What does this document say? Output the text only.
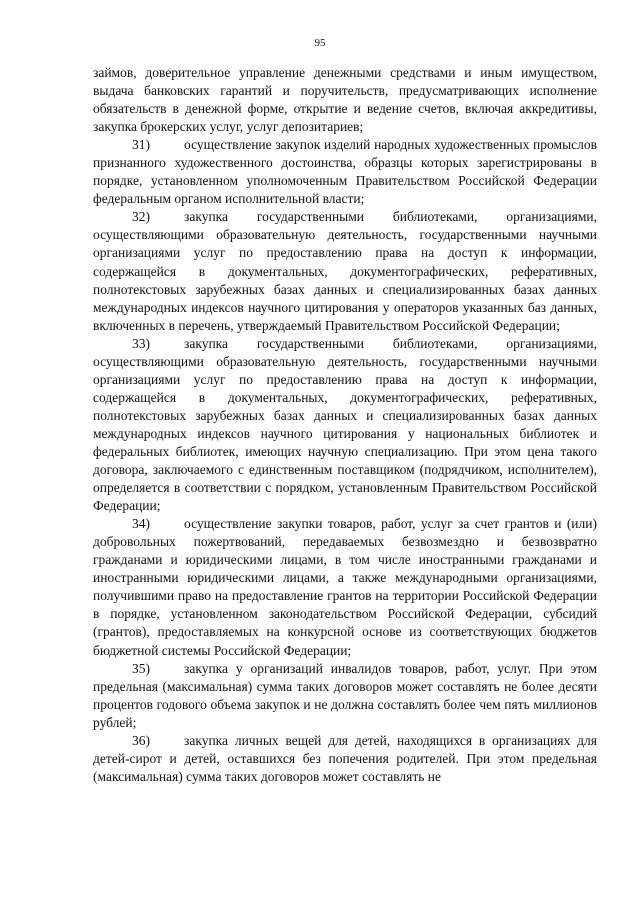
95

займов, доверительное управление денежными средствами и иным имуществом, выдача банковских гарантий и поручительств, предусматривающих исполнение обязательств в денежной форме, открытие и ведение счетов, включая аккредитивы, закупка брокерских услуг, услуг депозитариев;

31)	осуществление закупок изделий народных художественных промыслов признанного художественного достоинства, образцы которых зарегистрированы в порядке, установленном уполномоченным Правительством Российской Федерации федеральным органом исполнительной власти;

32)	закупка государственными библиотеками, организациями, осуществляющими образовательную деятельность, государственными научными организациями услуг по предоставлению права на доступ к информации, содержащейся в документальных, документографических, реферативных, полнотекстовых зарубежных базах данных и специализированных базах данных международных индексов научного цитирования у операторов указанных баз данных, включенных в перечень, утверждаемый Правительством Российской Федерации;

33)	закупка государственными библиотеками, организациями, осуществляющими образовательную деятельность, государственными научными организациями услуг по предоставлению права на доступ к информации, содержащейся в документальных, документографических, реферативных, полнотекстовых зарубежных базах данных и специализированных базах данных международных индексов научного цитирования у национальных библиотек и федеральных библиотек, имеющих научную специализацию. При этом цена такого договора, заключаемого с единственным поставщиком (подрядчиком, исполнителем), определяется в соответствии с порядком, установленным Правительством Российской Федерации;

34)	осуществление закупки товаров, работ, услуг за счет грантов и (или) добровольных пожертвований, передаваемых безвозмездно и безвозвратно гражданами и юридическими лицами, в том числе иностранными гражданами и иностранными юридическими лицами, а также международными организациями, получившими право на предоставление грантов на территории Российской Федерации в порядке, установленном законодательством Российской Федерации, субсидий (грантов), предоставляемых на конкурсной основе из соответствующих бюджетов бюджетной системы Российской Федерации;

35)	закупка у организаций инвалидов товаров, работ, услуг. При этом предельная (максимальная) сумма таких договоров может составлять не более десяти процентов годового объема закупок и не должна составлять более чем пять миллионов рублей;

36)	закупка личных вещей для детей, находящихся в организациях для детей-сирот и детей, оставшихся без попечения родителей. При этом предельная (максимальная) сумма таких договоров может составлять не
